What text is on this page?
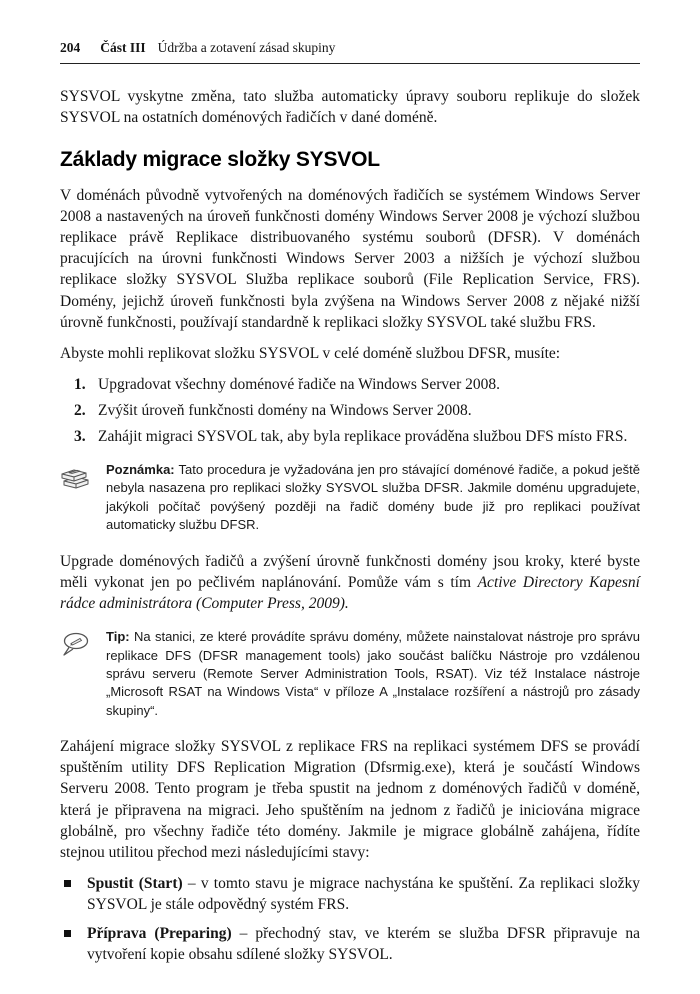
204 Část III Údržba a zotavení zásad skupiny

SYSVOL vyskytne změna, tato služba automaticky úpravy souboru replikuje do složek SYSVOL na ostatních doménových řadičích v dané doméně.

Základy migrace složky SYSVOL

V doménách původně vytvořených na doménových řadičích se systémem Windows Server 2008 a nastavených na úroveň funkčnosti domény Windows Server 2008 je výchozí službou replikace právě Replikace distribuovaného systému souborů (DFSR). V doménách pracujících na úrovni funkčnosti Windows Server 2003 a nižších je výchozí službou replikace složky SYSVOL Služba replikace souborů (File Replication Service, FRS). Domény, jejichž úroveň funkčnosti byla zvýšena na Windows Server 2008 z nějaké nižší úrovně funkčnosti, používají standardně k replikaci složky SYSVOL také službu FRS.

Abyste mohli replikovat složku SYSVOL v celé doméně službou DFSR, musíte:

1. Upgradovat všechny doménové řadiče na Windows Server 2008.
2. Zvýšit úroveň funkčnosti domény na Windows Server 2008.
3. Zahájit migraci SYSVOL tak, aby byla replikace prováděna službou DFS místo FRS.

Poznámka: Tato procedura je vyžadována jen pro stávající doménové řadiče, a pokud ještě nebyla nasazena pro replikaci složky SYSVOL služba DFSR. Jakmile doménu upgradujete, jakýkoli počítač povýšený později na řadič domény bude již pro replikaci používat automaticky službu DFSR.

Upgrade doménových řadičů a zvýšení úrovně funkčnosti domény jsou kroky, které byste měli vykonat jen po pečlivém naplánování. Pomůže vám s tím Active Directory Kapesní rádce administrátora (Computer Press, 2009).

Tip: Na stanici, ze které provádíte správu domény, můžete nainstalovat nástroje pro správu replikace DFS (DFSR management tools) jako součást balíčku Nástroje pro vzdálenou správu serveru (Remote Server Administration Tools, RSAT). Viz též Instalace nástroje „Microsoft RSAT na Windows Vista“ v příloze A „Instalace rozšíření a nástrojů pro zásady skupiny“.

Zahájení migrace složky SYSVOL z replikace FRS na replikaci systémem DFS se provádí spuštěním utility DFS Replication Migration (Dfsrmig.exe), která je součástí Windows Serveru 2008. Tento program je třeba spustit na jednom z doménových řadičů v doméně, která je připravena na migraci. Jeho spuštěním na jednom z řadičů je iniciována migrace globálně, pro všechny řadiče této domény. Jakmile je migrace globálně zahájena, řídíte stejnou utilitou přechod mezi následujícími stavy:

Spustit (Start) – v tomto stavu je migrace nachystána ke spuštění. Za replikaci složky SYSVOL je stále odpovědný systém FRS.
Příprava (Preparing) – přechodný stav, ve kterém se služba DFSR připravuje na vytvoření kopie obsahu sdílené složky SYSVOL.
